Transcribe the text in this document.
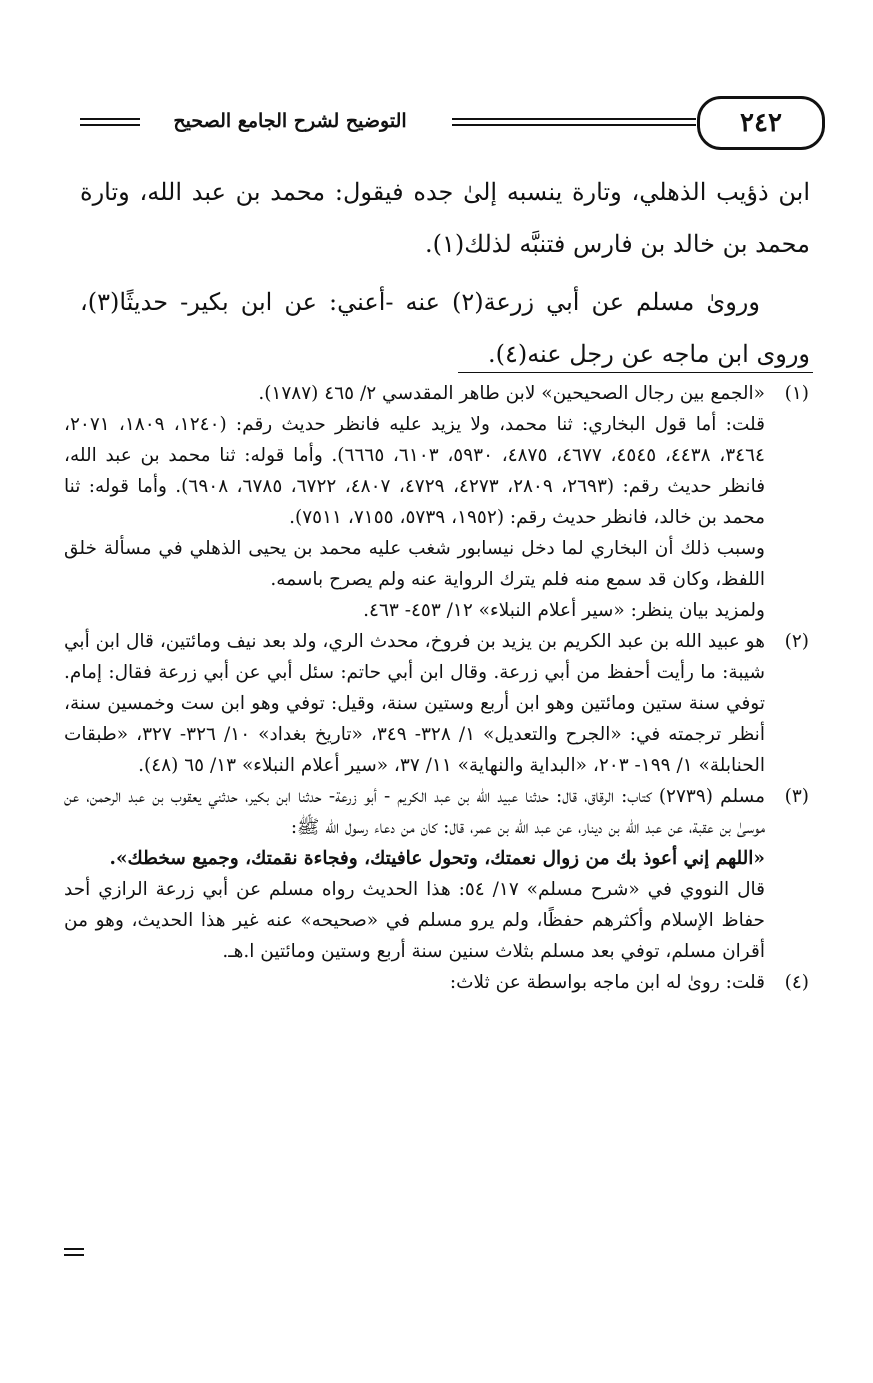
٢٤٢
التوضيح لشرح الجامع الصحيح

ابن ذؤيب الذهلي، وتارة ينسبه إلىٰ جده فيقول: محمد بن عبد الله، وتارة محمد بن خالد بن فارس فتنبَّه لذلك(١).

وروىٰ مسلم عن أبي زرعة(٢) عنه -أعني: عن ابن بكير- حديثًا(٣)، وروى ابن ماجه عن رجل عنه(٤).

(١)

«الجمع بين رجال الصحيحين» لابن طاهر المقدسي ٢/ ٤٦٥ (١٧٨٧).

قلت: أما قول البخاري: ثنا محمد، ولا يزيد عليه فانظر حديث رقم: (١٢٤٠، ١٨٠٩، ٢٠٧١، ٣٤٦٤، ٤٤٣٨، ٤٥٤٥، ٤٦٧٧، ٤٨٧٥، ٥٩٣٠، ٦١٠٣، ٦٦٦٥). وأما قوله: ثنا محمد بن عبد الله، فانظر حديث رقم: (٢٦٩٣، ٢٨٠٩، ٤٢٧٣، ٤٧٢٩، ٤٨٠٧، ٦٧٢٢، ٦٧٨٥، ٦٩٠٨). وأما قوله: ثنا محمد بن خالد، فانظر حديث رقم: (١٩٥٢، ٥٧٣٩، ٧١٥٥، ٧٥١١).

وسبب ذلك أن البخاري لما دخل نيسابور شغب عليه محمد بن يحيى الذهلي في مسألة خلق اللفظ، وكان قد سمع منه فلم يترك الرواية عنه ولم يصرح باسمه.

ولمزيد بيان ينظر: «سير أعلام النبلاء» ١٢/ ٤٥٣- ٤٦٣.

(٢)

هو عبيد الله بن عبد الكريم بن يزيد بن فروخ، محدث الري، ولد بعد نيف ومائتين، قال ابن أبي شيبة: ما رأيت أحفظ من أبي زرعة. وقال ابن أبي حاتم: سئل أبي عن أبي زرعة فقال: إمام. توفي سنة ستين ومائتين وهو ابن أربع وستين سنة، وقيل: توفي وهو ابن ست وخمسين سنة، أنظر ترجمته في: «الجرح والتعديل» ١/ ٣٢٨- ٣٤٩، «تاريخ بغداد» ١٠/ ٣٢٦- ٣٢٧، «طبقات الحنابلة» ١/ ١٩٩- ٢٠٣، «البداية والنهاية» ١١/ ٣٧، «سير أعلام النبلاء» ١٣/ ٦٥ (٤٨).

(٣)

مسلم (٢٧٣٩) كتاب: الرقاق، قال: حدثنا عبيد الله بن عبد الكريم - أبو زرعة- حدثنا ابن بكير، حدثني يعقوب بن عبد الرحمن، عن موسىٰ بن عقبة، عن عبد الله بن دينار، عن عبد الله بن عمر، قال: كان من دعاء رسول الله ﷺ:

«اللهم إني أعوذ بك من زوال نعمتك، وتحول عافيتك، وفجاءة نقمتك، وجميع سخطك».

قال النووي في «شرح مسلم» ١٧/ ٥٤: هذا الحديث رواه مسلم عن أبي زرعة الرازي أحد حفاظ الإسلام وأكثرهم حفظًا، ولم يرو مسلم في «صحيحه» عنه غير هذا الحديث، وهو من أقران مسلم، توفي بعد مسلم بثلاث سنين سنة أربع وستين ومائتين ا.هـ.

(٤)

قلت: روىٰ له ابن ماجه بواسطة عن ثلاث:
